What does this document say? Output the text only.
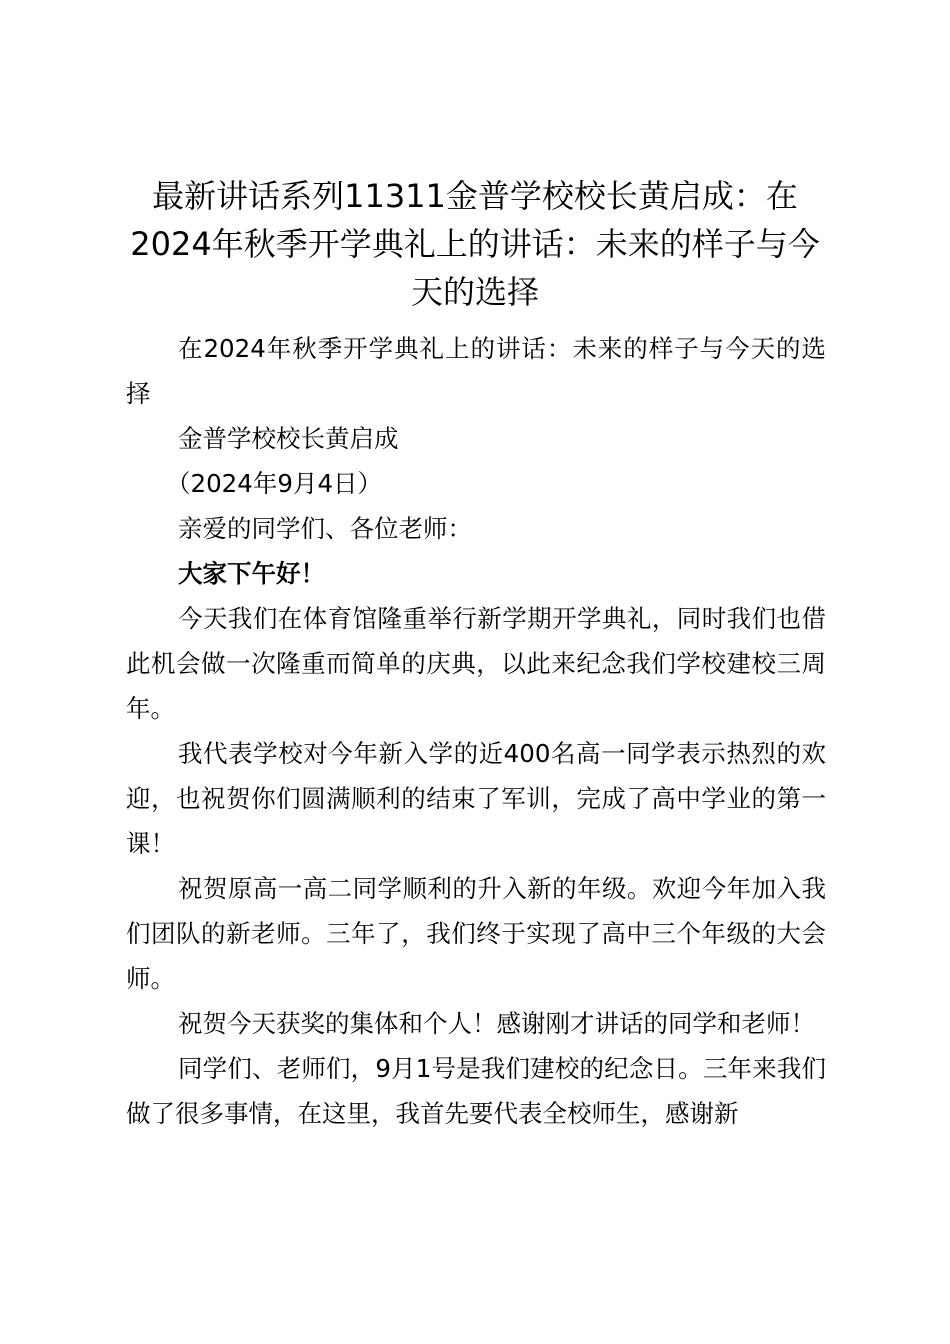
最新讲话系列11311金普学校校长黄启成：在2024年秋季开学典礼上的讲话：未来的样子与今天的选择

在2024年秋季开学典礼上的讲话：未来的样子与今天的选择

金普学校校长黄启成

（2024年9月4日）

亲爱的同学们、各位老师：

大家下午好！

今天我们在体育馆隆重举行新学期开学典礼，同时我们也借此机会做一次隆重而简单的庆典，以此来纪念我们学校建校三周年。

我代表学校对今年新入学的近400名高一同学表示热烈的欢迎，也祝贺你们圆满顺利的结束了军训，完成了高中学业的第一课！

祝贺原高一高二同学顺利的升入新的年级。欢迎今年加入我们团队的新老师。三年了，我们终于实现了高中三个年级的大会师。

祝贺今天获奖的集体和个人！感谢刚才讲话的同学和老师！

同学们、老师们，9月1号是我们建校的纪念日。三年来我们做了很多事情，在这里，我首先要代表全校师生，感谢新
